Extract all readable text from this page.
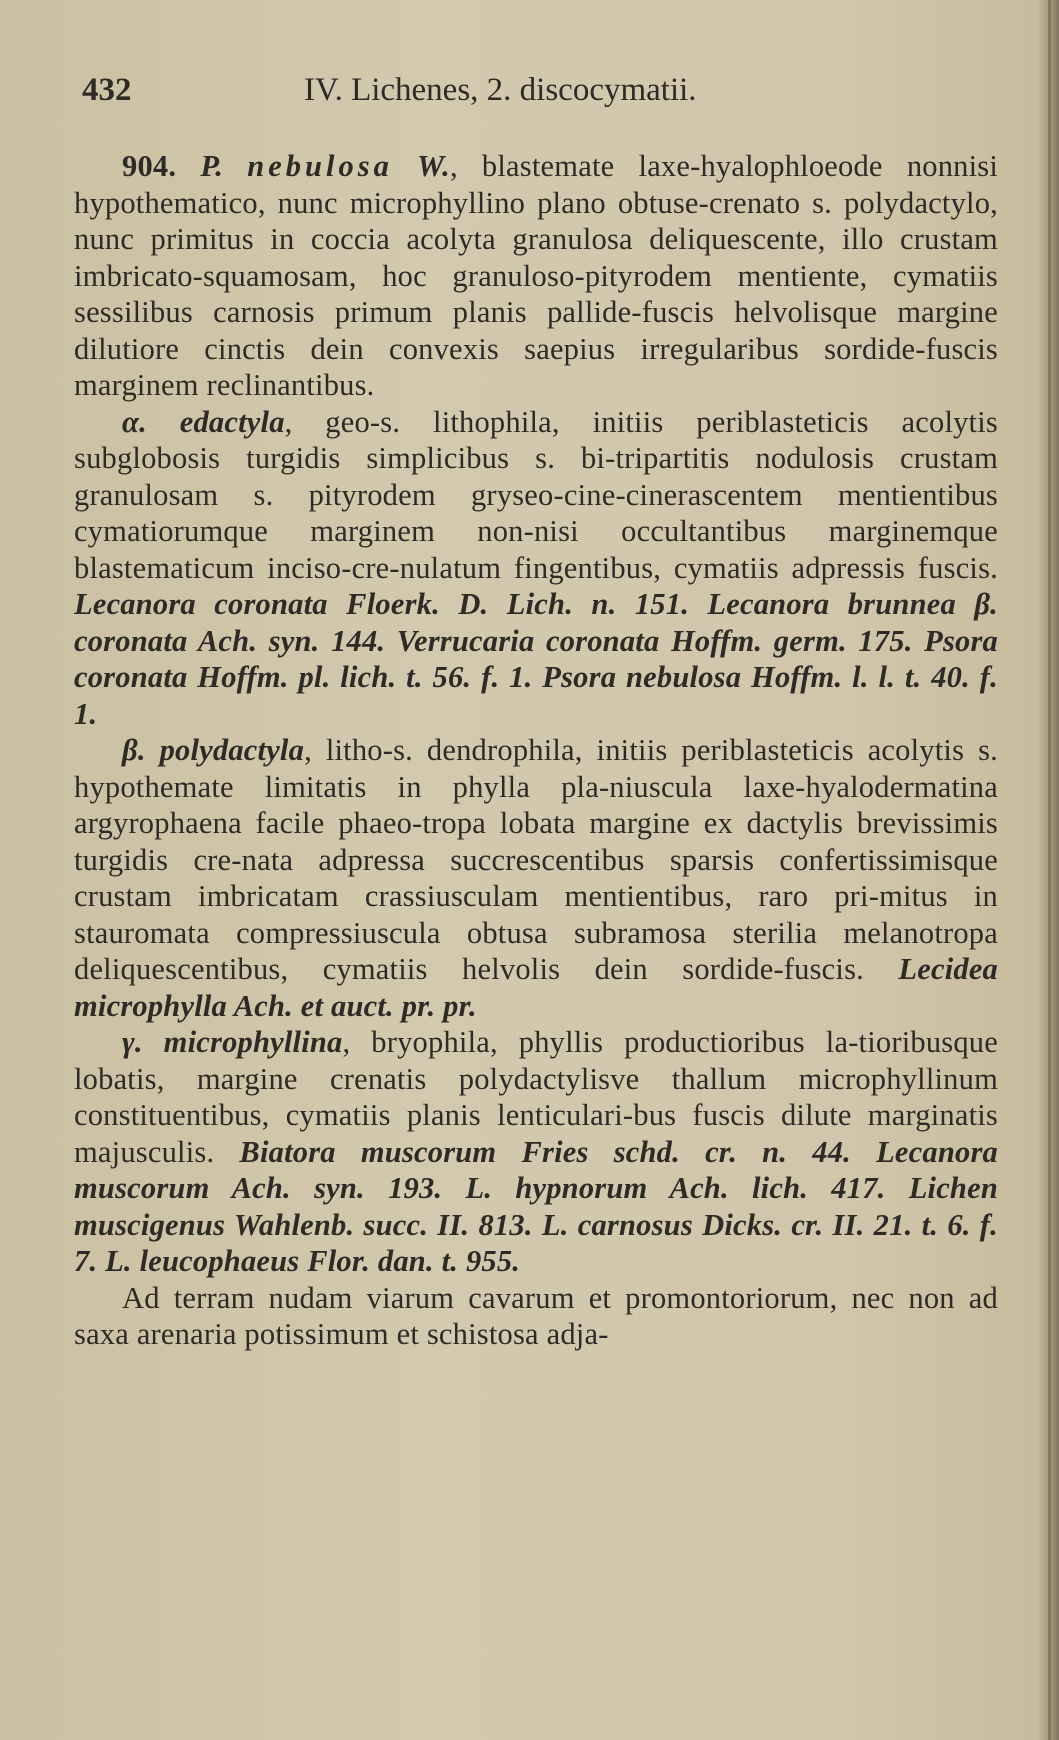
432	IV. Lichenes, 2. discocymatii.

904. P. nebulosa W., blastemate laxe-hyalophloeode nonnisi hypothematico, nunc microphyllino plano obtuse-crenato s. polydactylo, nunc primitus in coccia acolyta granulosa deliquescente, illo crustam imbricato-squamosam, hoc granuloso-pityrodem mentiente, cymatiis sessilibus carnosis primum planis pallide-fuscis helvolisque margine dilutiore cinctis dein convexis saepius irregularibus sordide-fuscis marginem reclinantibus.

α. edactyla, geo-s. lithophila, initiis periblasteticis acolytis subglobosis turgidis simplicibus s. bi-tripartitis nodulosis crustam granulosam s. pityrodem gryseo-cine-cinerascentem mentientibus cymatiorumque marginem non-nisi occultantibus marginemque blastematicum inciso-cre-nulatum fingentibus, cymatiis adpressis fuscis. Lecanora coronata Floerk. D. Lich. n. 151. Lecanora brunnea β. coronata Ach. syn. 144. Verrucaria coronata Hoffm. germ. 175. Psora coronata Hoffm. pl. lich. t. 56. f. 1. Psora nebulosa Hoffm. l. l. t. 40. f. 1.

β. polydactyla, litho-s. dendrophila, initiis periblasteticis acolytis s. hypothemate limitatis in phylla pla-niuscula laxe-hyalodermatina argyrophaena facile phaeo-tropa lobata margine ex dactylis brevissimis turgidis cre-nata adpressa succrescentibus sparsis confertissimisque crustam imbricatam crassiusculam mentientibus, raro pri-mitus in stauromata compressiuscula obtusa subramosa sterilia melanotropa deliquescentibus, cymatiis helvolis dein sordide-fuscis. Lecidea microphylla Ach. et auct. pr. pr.

γ. microphyllina, bryophila, phyllis productioribus la-tioribusque lobatis, margine crenatis polydactylisve thallum microphyllinum constituentibus, cymatiis planis lenticulari-bus fuscis dilute marginatis majusculis. Biatora muscorum Fries schd. cr. n. 44. Lecanora muscorum Ach. syn. 193. L. hypnorum Ach. lich. 417. Lichen muscigenus Wahlenb. succ. II. 813. L. carnosus Dicks. cr. II. 21. t. 6. f. 7. L. leucophaeus Flor. dan. t. 955.

Ad terram nudam viarum cavarum et promontoriorum, nec non ad saxa arenaria potissimum et schistosa adja-
